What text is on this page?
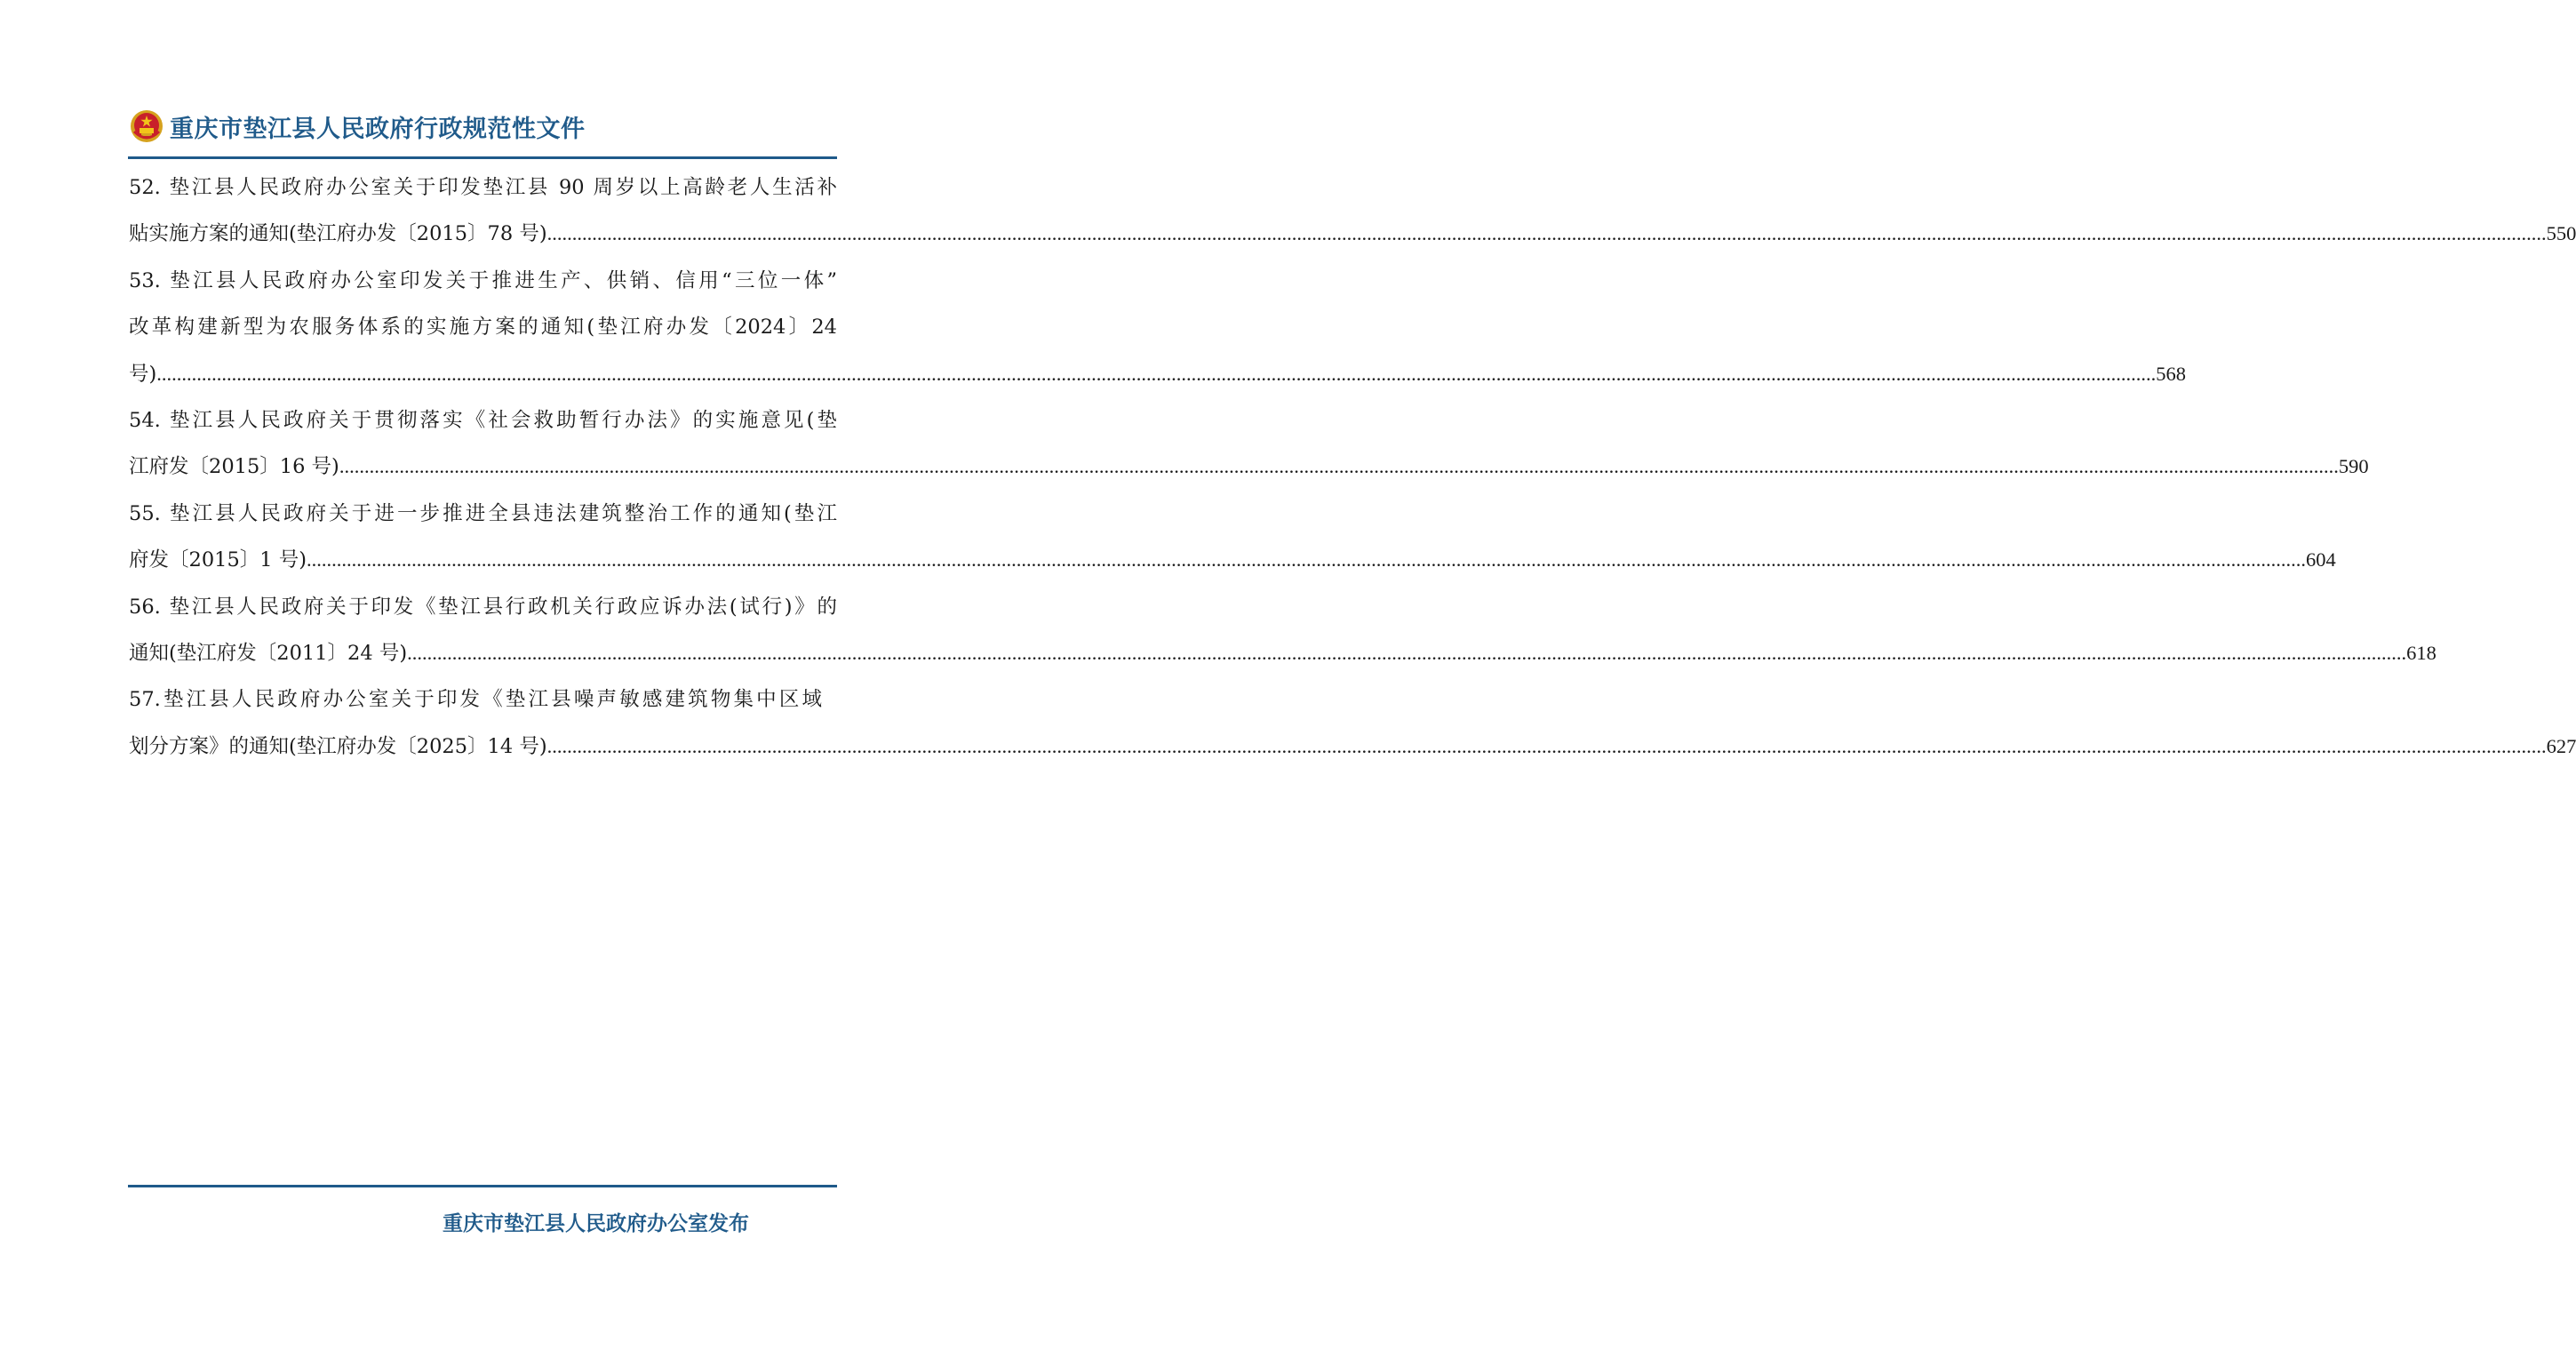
重庆市垫江县人民政府行政规范性文件
52. 垫江县人民政府办公室关于印发垫江县 90 周岁以上高龄老人生活补
贴实施方案的通知(垫江府办发〔2015〕78 号) ................................................................................................................................................................................................................................................................................................................................................................................................................ 550
53. 垫江县人民政府办公室印发关于推进生产、供销、信用“三位一体”
改革构建新型为农服务体系的实施方案的通知(垫江府办发〔2024〕24
号) ................................................................................................................................................................................................................................................................................................................................................................................................................ 568
54. 垫江县人民政府关于贯彻落实《社会救助暂行办法》的实施意见(垫
江府发〔2015〕16 号) ................................................................................................................................................................................................................................................................................................................................................................................................................ 590
55. 垫江县人民政府关于进一步推进全县违法建筑整治工作的通知(垫江
府发〔2015〕1 号) ................................................................................................................................................................................................................................................................................................................................................................................................................ 604
56. 垫江县人民政府关于印发《垫江县行政机关行政应诉办法(试行)》的
通知(垫江府发〔2011〕24 号) ................................................................................................................................................................................................................................................................................................................................................................................................................ 618
57.垫江县人民政府办公室关于印发《垫江县噪声敏感建筑物集中区域
划分方案》的通知(垫江府办发〔2025〕14 号) ................................................................................................................................................................................................................................................................................................................................................................................................................ 627
重庆市垫江县人民政府办公室发布
